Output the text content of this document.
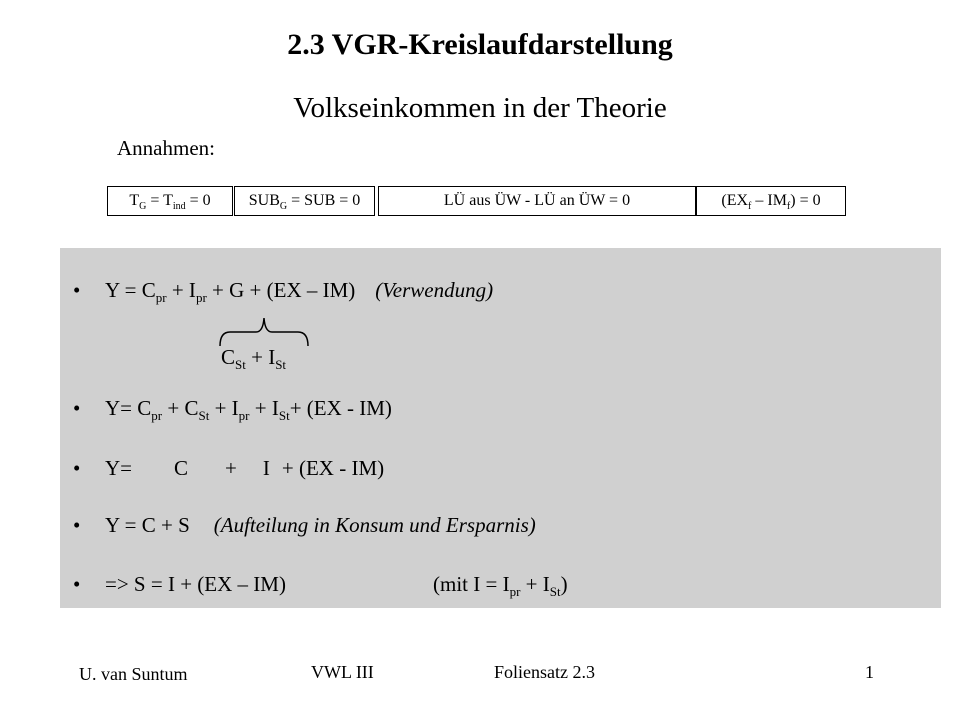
2.3 VGR-Kreislaufdarstellung
Volkseinkommen in der Theorie
Annahmen:
$T_G = T_{ind} = 0$	$SUB_G$ = SUB = 0	LÜ aus ÜW - LÜ an ÜW = 0	$(EX_f - IM_f) = 0$
• $Y = C_{pr} + I_{pr} + G + (EX - IM)$ (Verwendung)
$C_{St} + I_{St}$
• $Y= C_{pr} + C_{St} + I_{pr} + I_{St}+ (EX - IM)$
• Y= C + I + (EX - IM)
• Y = C + S (Aufteilung in Konsum und Ersparnis)
• => S = I + (EX – IM)	(mit $I = I_{pr} + I_{St}$)
U. van Suntum	VWL III	Foliensatz 2.3	1
